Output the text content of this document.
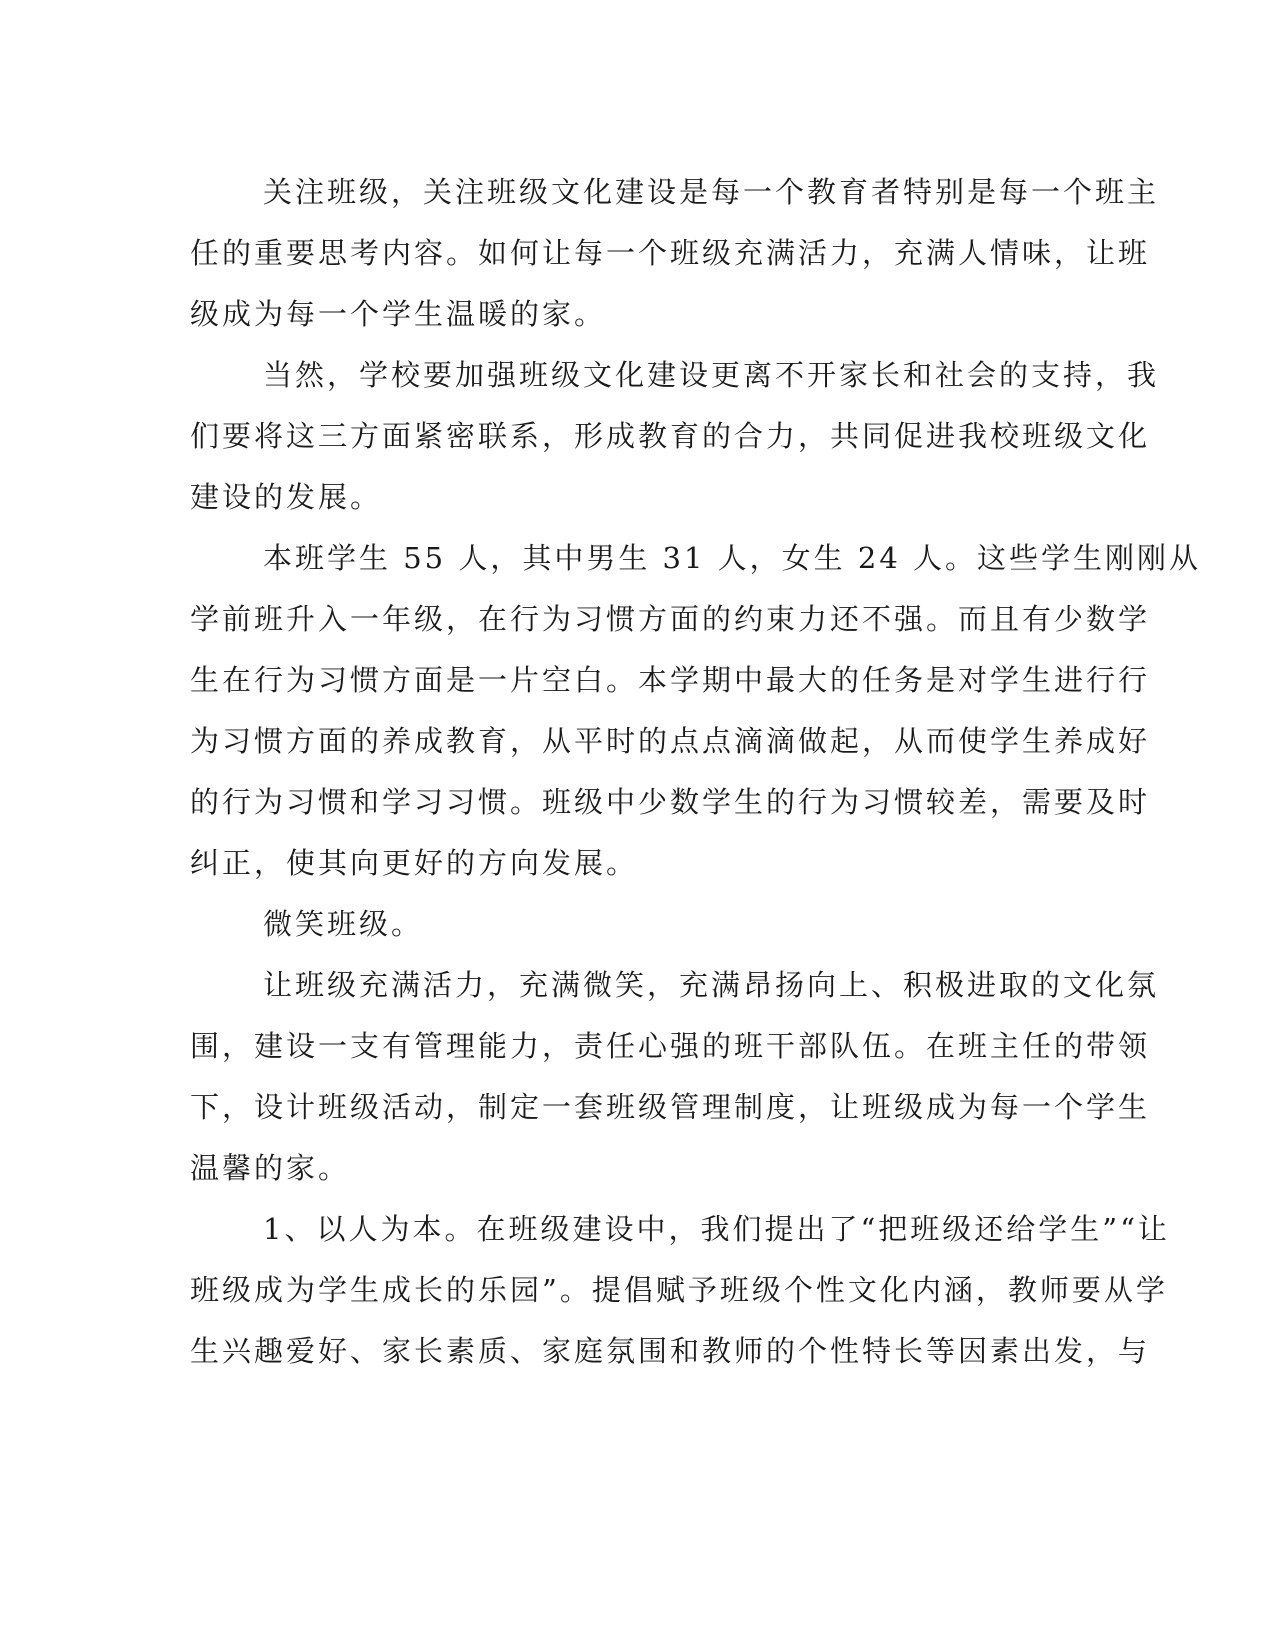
关注班级，关注班级文化建设是每一个教育者特别是每一个班主
任的重要思考内容。如何让每一个班级充满活力，充满人情味，让班
级成为每一个学生温暖的家。
当然，学校要加强班级文化建设更离不开家长和社会的支持，我
们要将这三方面紧密联系，形成教育的合力，共同促进我校班级文化
建设的发展。
本班学生 55 人，其中男生 31 人，女生 24 人。这些学生刚刚从
学前班升入一年级，在行为习惯方面的约束力还不强。而且有少数学
生在行为习惯方面是一片空白。本学期中最大的任务是对学生进行行
为习惯方面的养成教育，从平时的点点滴滴做起，从而使学生养成好
的行为习惯和学习习惯。班级中少数学生的行为习惯较差，需要及时
纠正，使其向更好的方向发展。
微笑班级。
让班级充满活力，充满微笑，充满昂扬向上、积极进取的文化氛
围，建设一支有管理能力，责任心强的班干部队伍。在班主任的带领
下，设计班级活动，制定一套班级管理制度，让班级成为每一个学生
温馨的家。
1、以人为本。在班级建设中，我们提出了“把班级还给学生”“让
班级成为学生成长的乐园”。提倡赋予班级个性文化内涵，教师要从学
生兴趣爱好、家长素质、家庭氛围和教师的个性特长等因素出发，与
